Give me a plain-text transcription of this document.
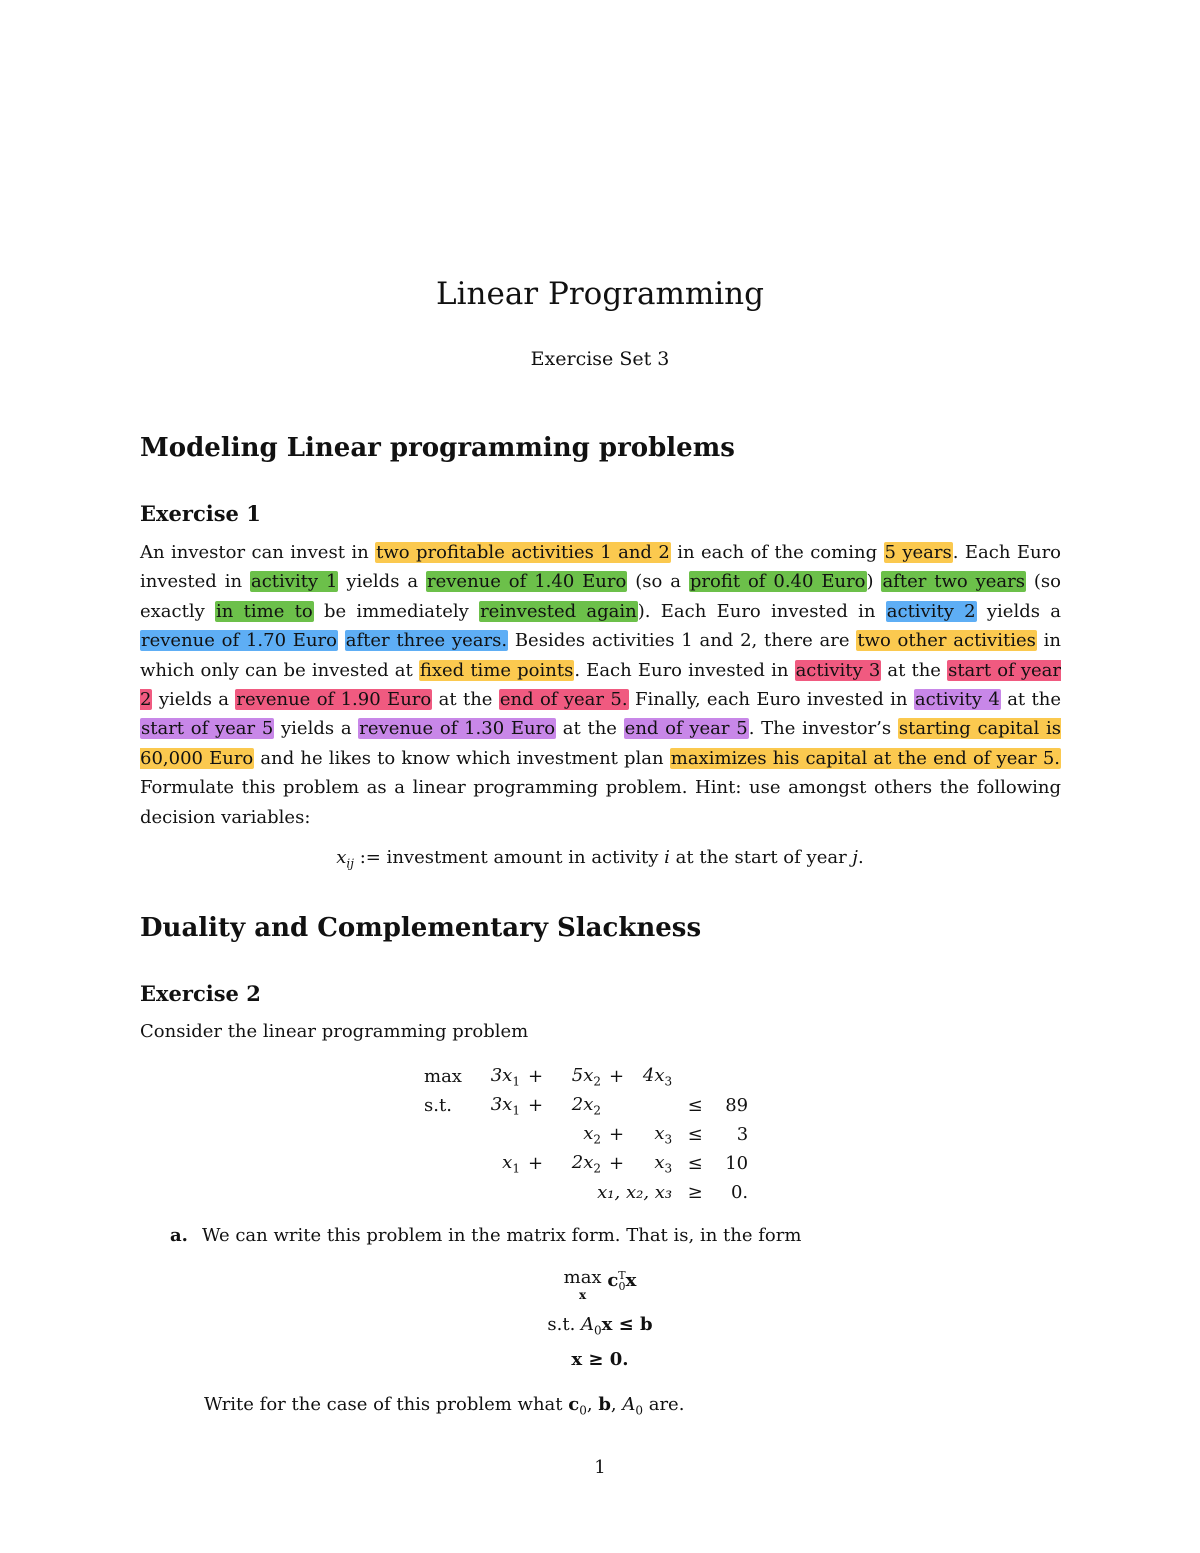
Linear Programming
Exercise Set 3
Modeling Linear programming problems
Exercise 1
An investor can invest in two profitable activities 1 and 2 in each of the coming 5 years. Each Euro invested in activity 1 yields a revenue of 1.40 Euro (so a profit of 0.40 Euro) after two years (so exactly in time to be immediately reinvested again). Each Euro invested in activity 2 yields a revenue of 1.70 Euro after three years. Besides activities 1 and 2, there are two other activities in which only can be invested at fixed time points. Each Euro invested in activity 3 at the start of year 2 yields a revenue of 1.90 Euro at the end of year 5. Finally, each Euro invested in activity 4 at the start of year 5 yields a revenue of 1.30 Euro at the end of year 5. The investor’s starting capital is 60,000 Euro and he likes to know which investment plan maximizes his capital at the end of year 5. Formulate this problem as a linear programming problem. Hint: use amongst others the following decision variables:
$x_{ij}$ := investment amount in activity i at the start of year j.
Duality and Complementary Slackness
Exercise 2
Consider the linear programming problem
max	$3x_1$	+	$5x_2$	+	$4x_3$		
s.t.	$3x_1$	+	$2x_2$			≤	89
			$x_2$	+	$x_3$	≤	3
	$x_1$	+	$2x_2$	+	$x_3$	≤	10
			x₁, x₂, x₃			≥	0.
a. We can write this problem in the matrix form. That is, in the form
max
x c T
0 x
s.t. $A_0x \le b$
x ≥ 0.
Write for the case of this problem what $c_0$, b, $A_0$ are.
1
